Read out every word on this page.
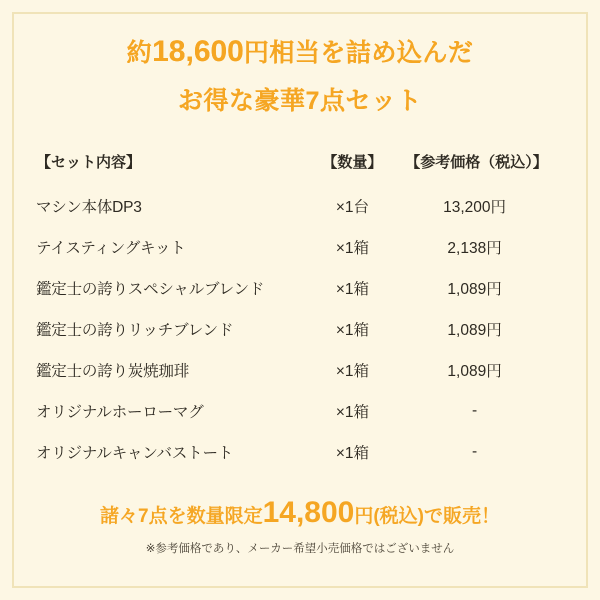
約18,600円相当を詰め込んだ
お得な豪華7点セット
【セット内容】	【数量】	【参考価格（税込）】
マシン本体DP3	×1台	13,200円
テイスティングキット	×1箱	2,138円
鑑定士の誇りスペシャルブレンド	×1箱	1,089円
鑑定士の誇りリッチブレンド	×1箱	1,089円
鑑定士の誇り炭焼珈琲	×1箱	1,089円
オリジナルホーローマグ	×1箱	-
オリジナルキャンバストート	×1箱	-
諸々7点を数量限定14,800円(税込)で販売！
※参考価格であり、メーカー希望小売価格ではございません
